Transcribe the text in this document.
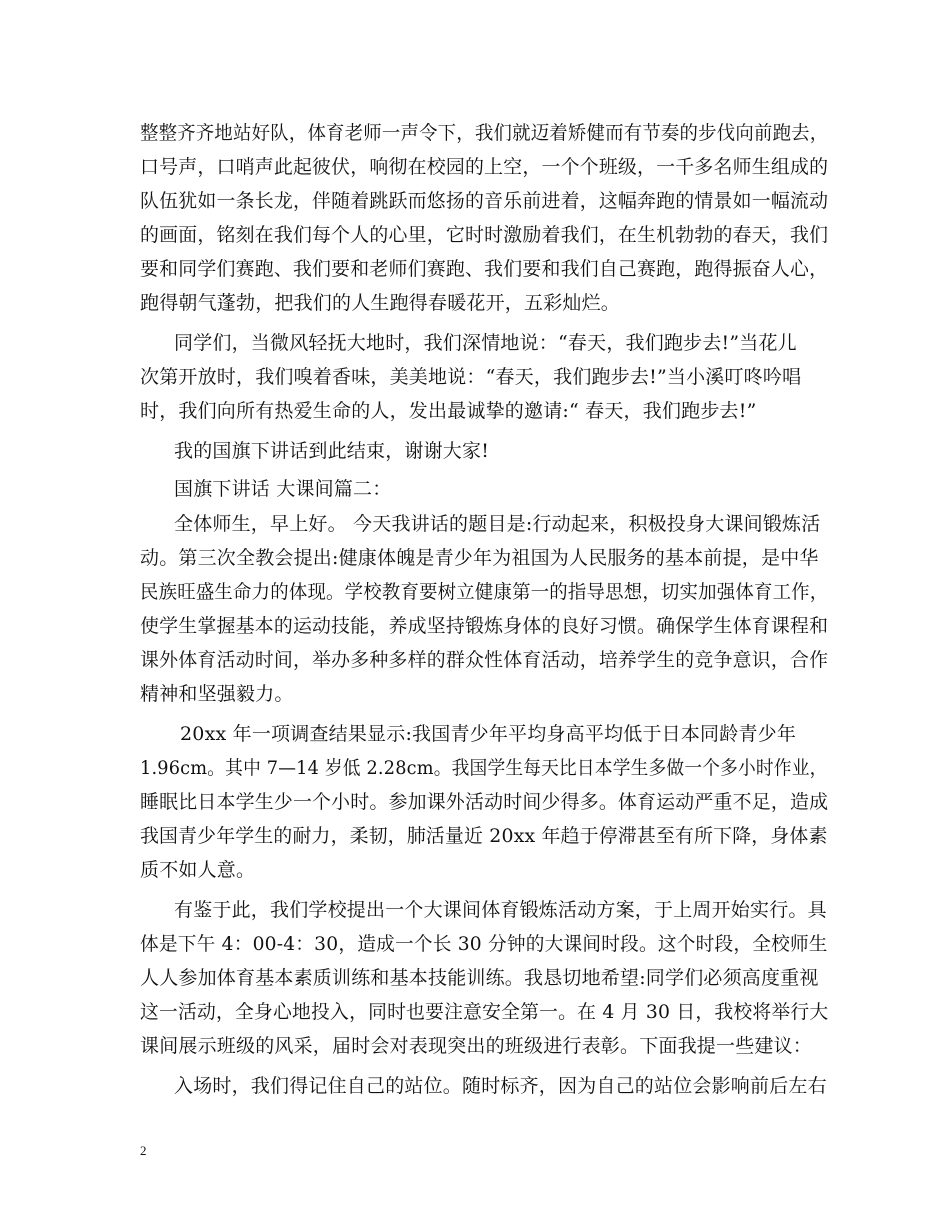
整整齐齐地站好队，体育老师一声令下，我们就迈着矫健而有节奏的步伐向前跑去，
口号声，口哨声此起彼伏，响彻在校园的上空，一个个班级，一千多名师生组成的
队伍犹如一条长龙，伴随着跳跃而悠扬的音乐前进着，这幅奔跑的情景如一幅流动
的画面，铭刻在我们每个人的心里，它时时激励着我们，在生机勃勃的春天，我们
要和同学们赛跑、我们要和老师们赛跑、我们要和我们自己赛跑，跑得振奋人心，
跑得朝气蓬勃，把我们的人生跑得春暖花开，五彩灿烂。
同学们，当微风轻抚大地时，我们深情地说：“春天，我们跑步去!”当花儿
次第开放时，我们嗅着香味，美美地说：“春天，我们跑步去!”当小溪叮咚吟唱
时，我们向所有热爱生命的人，发出最诚挚的邀请:“ 春天，我们跑步去!”
我的国旗下讲话到此结束，谢谢大家!
国旗下讲话 大课间篇二：
全体师生，早上好。 今天我讲话的题目是:行动起来，积极投身大课间锻炼活
动。第三次全教会提出:健康体魄是青少年为祖国为人民服务的基本前提，是中华
民族旺盛生命力的体现。学校教育要树立健康第一的指导思想，切实加强体育工作，
使学生掌握基本的运动技能，养成坚持锻炼身体的良好习惯。确保学生体育课程和
课外体育活动时间，举办多种多样的群众性体育活动，培养学生的竞争意识，合作
精神和坚强毅力。
20xx 年一项调查结果显示:我国青少年平均身高平均低于日本同龄青少年
1.96cm。其中 7—14 岁低 2.28cm。我国学生每天比日本学生多做一个多小时作业，
睡眠比日本学生少一个小时。参加课外活动时间少得多。体育运动严重不足，造成
我国青少年学生的耐力，柔韧，肺活量近 20xx 年趋于停滞甚至有所下降，身体素
质不如人意。
有鉴于此，我们学校提出一个大课间体育锻炼活动方案，于上周开始实行。具
体是下午 4：00-4：30，造成一个长 30 分钟的大课间时段。这个时段，全校师生
人人参加体育基本素质训练和基本技能训练。我恳切地希望:同学们必须高度重视
这一活动，全身心地投入，同时也要注意安全第一。在 4 月 30 日，我校将举行大
课间展示班级的风采，届时会对表现突出的班级进行表彰。下面我提一些建议：
入场时，我们得记住自己的站位。随时标齐，因为自己的站位会影响前后左右
2
